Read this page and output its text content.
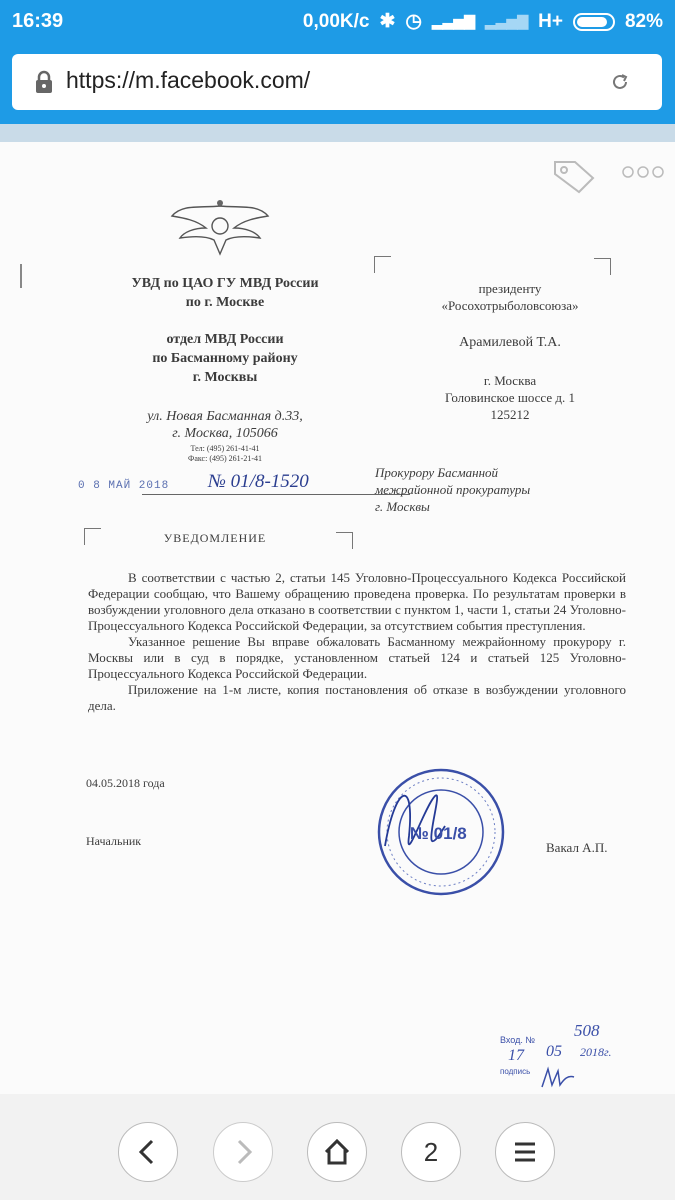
16:39	0,00K/c ✱ ◷ ▂▃▅▇ ▂▃▅▇ H+	82%
https://m.facebook.com/
УВД по ЦАО ГУ МВД России
по г. Москве
отдел МВД России
по Басманному району
г. Москвы
ул. Новая Басманная д.33,
г. Москва, 105066
Тел: (495) 261-41-41
Факс: (495) 261-21-41
0 8 МАЙ 2018 № 01/8-1520
президенту
«Росохотрыболовсоюза»
Арамилевой Т.А.
г. Москва
Головинское шоссе д. 1
125212
Прокурору Басманной
межрайонной прокуратуры
г. Москвы
УВЕДОМЛЕНИЕ

В соответствии с частью 2, статьи 145 Уголовно-Процессуального Кодекса Российской Федерации сообщаю, что Вашему обращению проведена проверка. По результатам проверки в возбуждении уголовного дела отказано в соответствии с пунктом 1, части 1, статьи 24 Уголовно-Процессуального Кодекса Российской Федерации, за отсутствием события преступления.

Указанное решение Вы вправе обжаловать Басманному межрайонному прокурору г. Москвы или в суд в порядке, установленном статьей 124 и статьей 125 Уголовно-Процессуального Кодекса Российской Федерации.

Приложение на 1-м листе, копия постановления об отказе в возбуждении уголовного дела.

04.05.2018 года
Начальник	Вакал А.П.
№ 01/8
Вход. № 508
17 05 2018г.
подпись
2
